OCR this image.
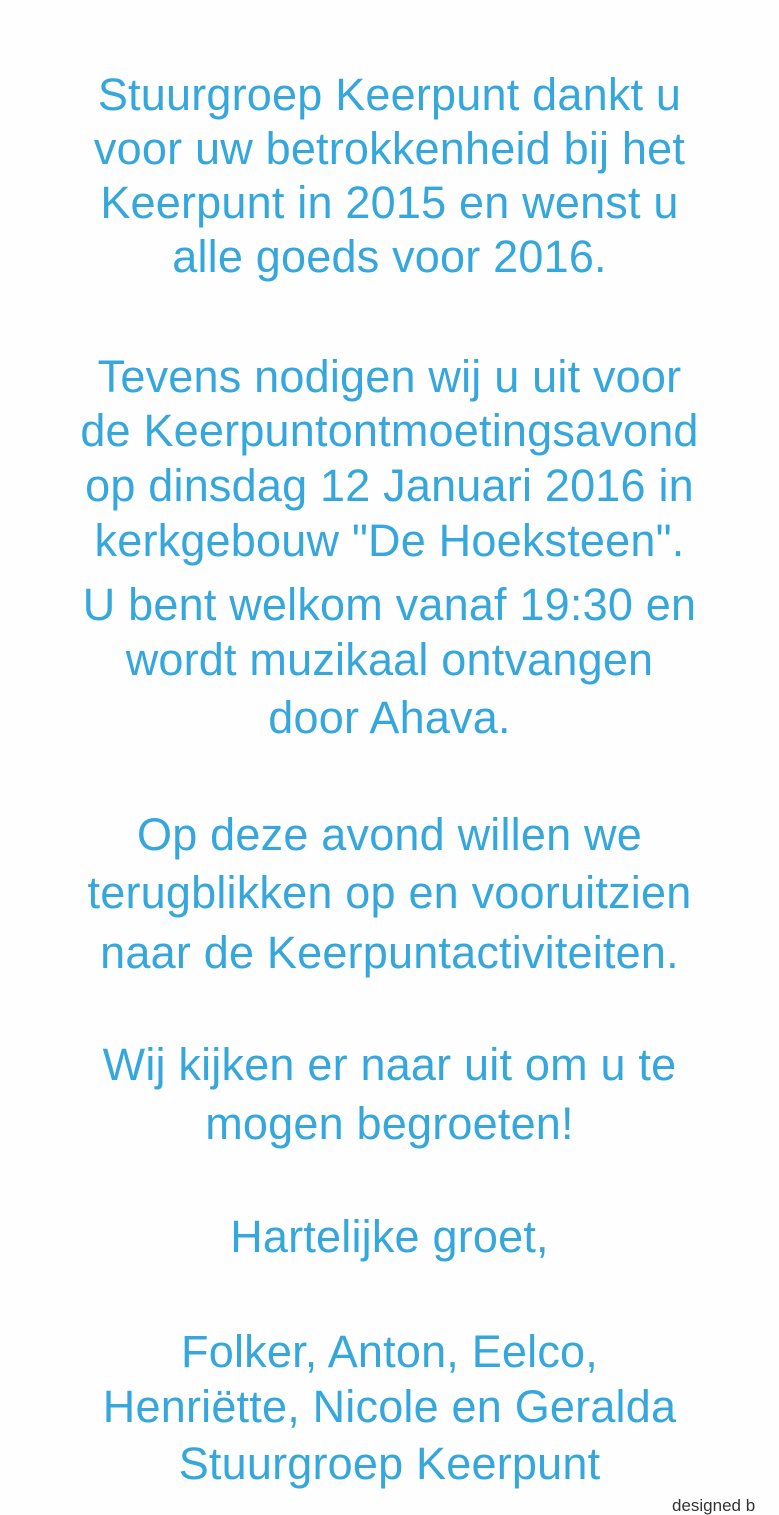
Stuurgroep Keerpunt dankt u
voor uw betrokkenheid bij het
Keerpunt in 2015 en wenst u
alle goeds voor 2016.
Tevens nodigen wij u uit voor
de Keerpuntontmoetingsavond
op dinsdag 12 Januari 2016 in
kerkgebouw "De Hoeksteen".
U bent welkom vanaf 19:30 en
wordt muzikaal ontvangen
door Ahava.
Op deze avond willen we
terugblikken op en vooruitzien
naar de Keerpuntactiviteiten.
Wij kijken er naar uit om u te
mogen begroeten!
Hartelijke groet,
Folker, Anton, Eelco,
Henriëtte, Nicole en Geralda
Stuurgroep Keerpunt
designed b
